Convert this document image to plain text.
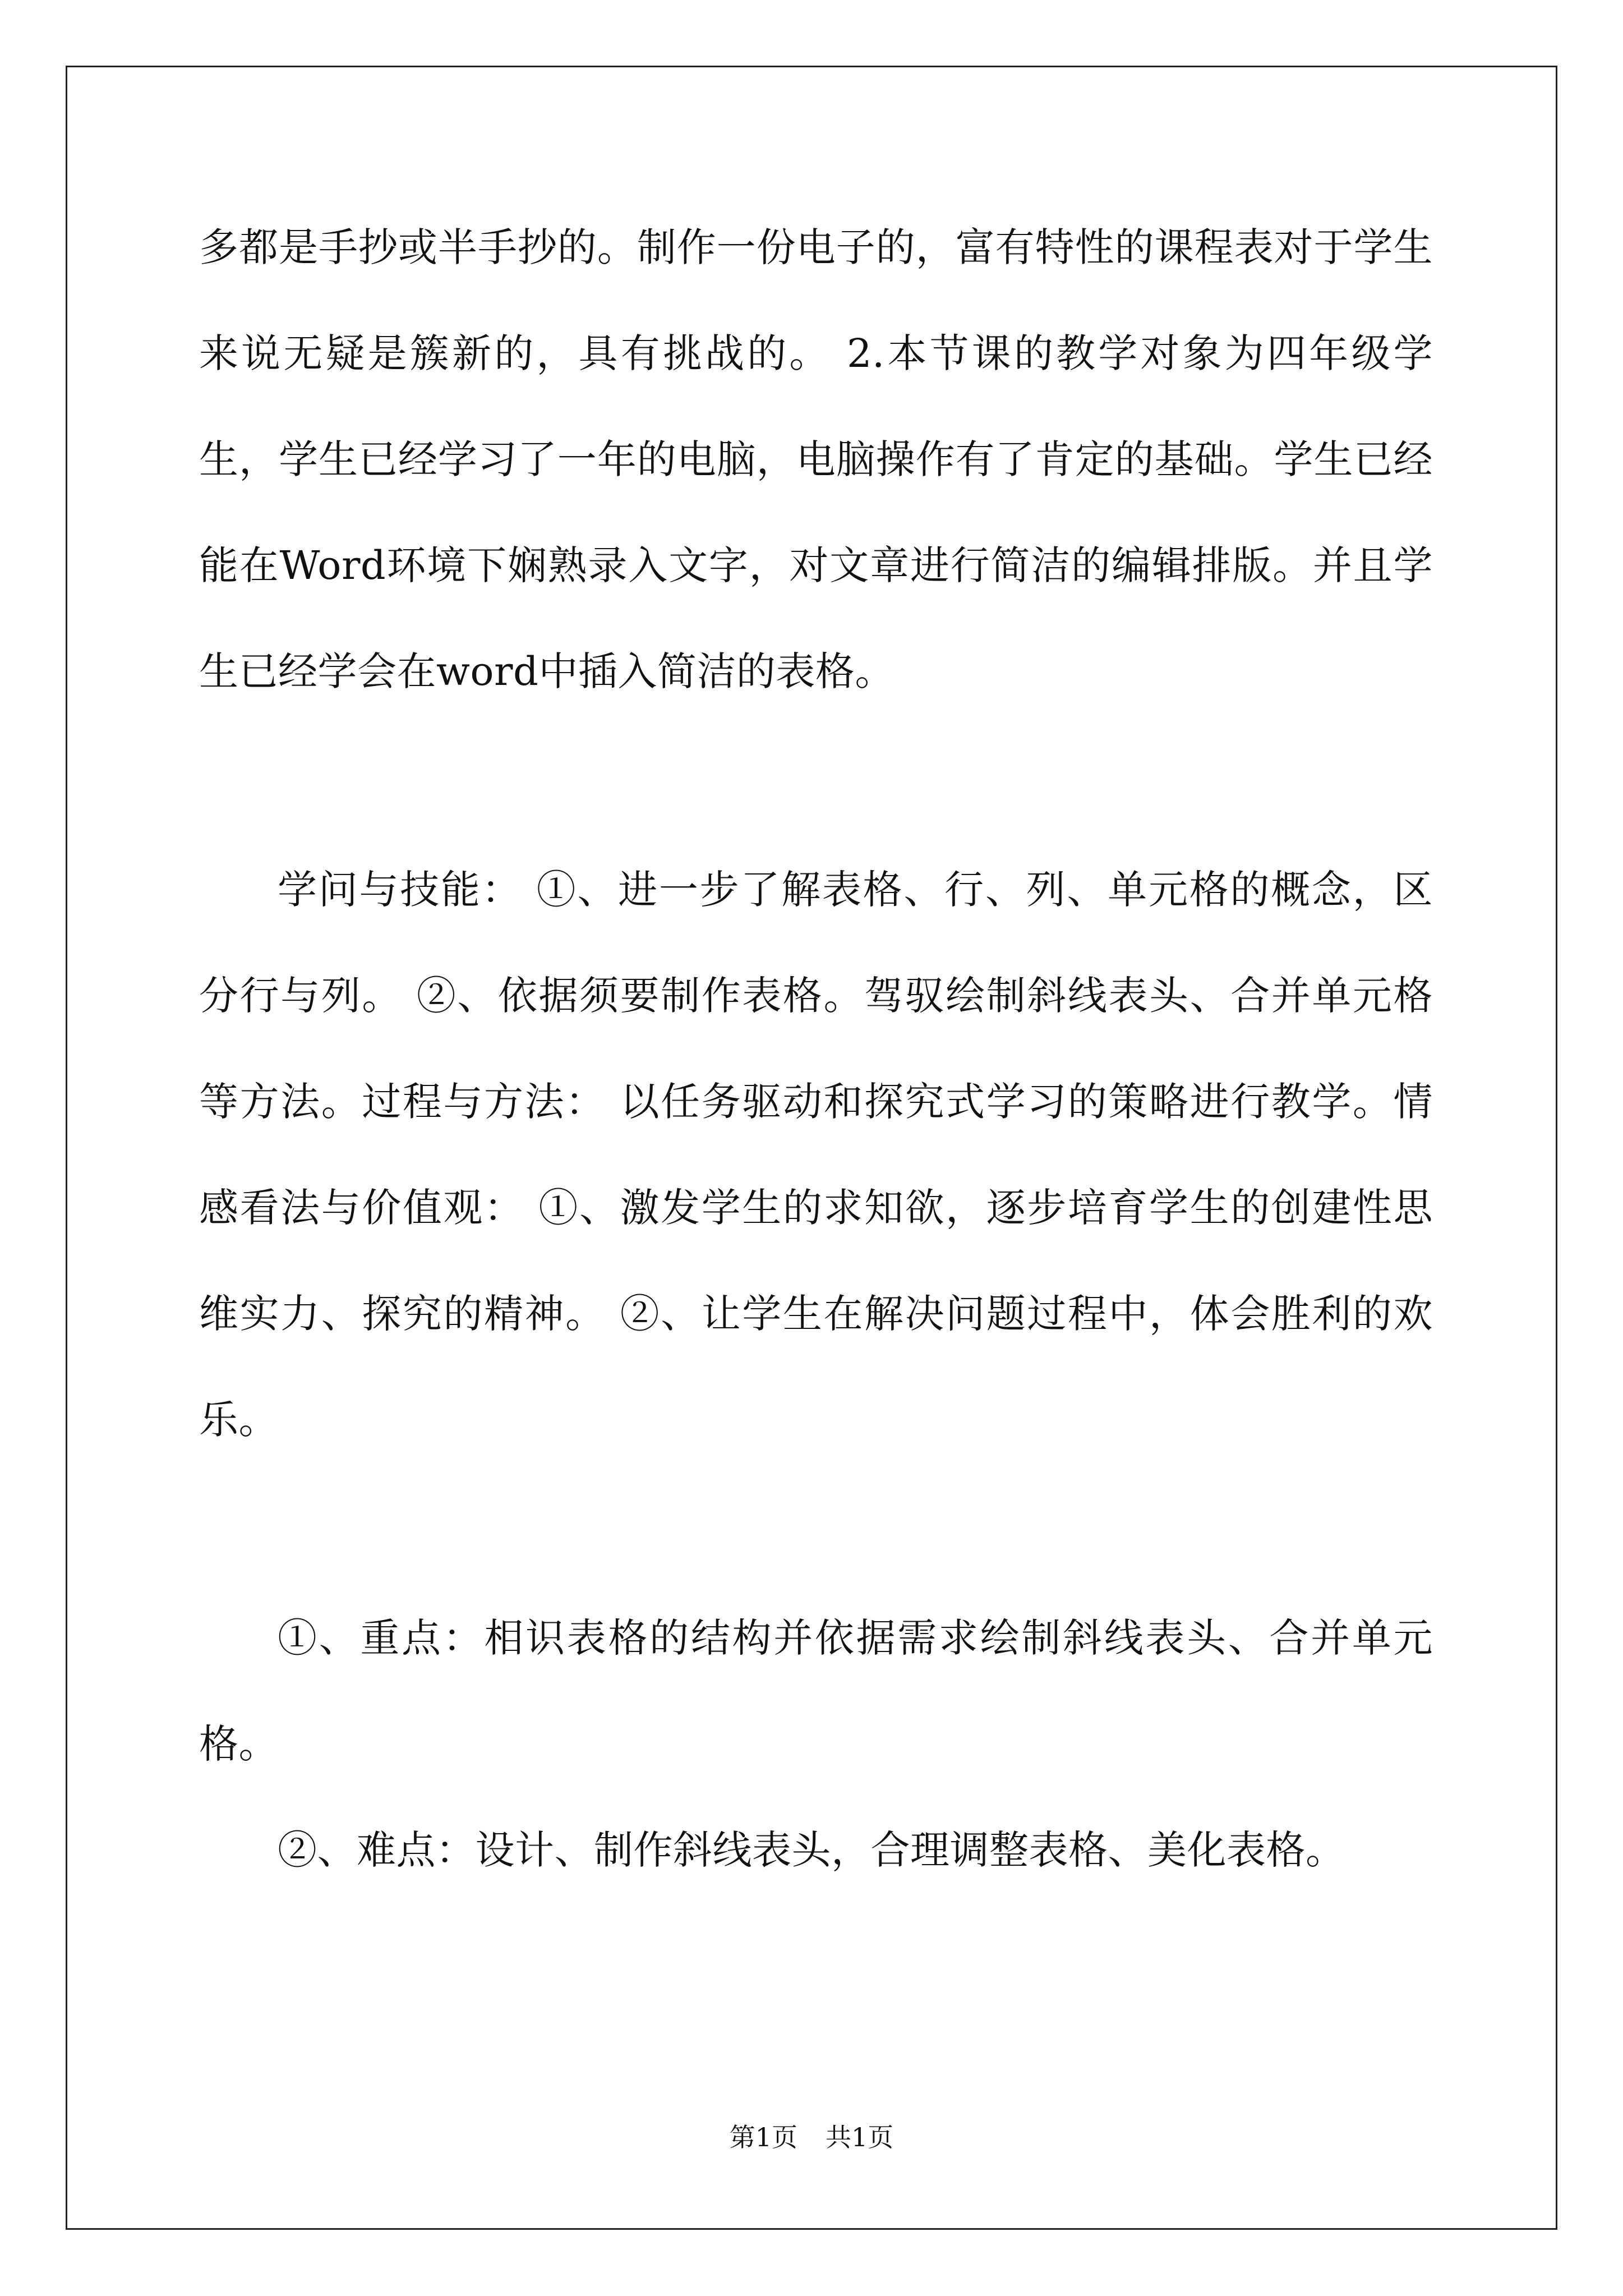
多都是手抄或半手抄的。制作一份电子的，富有特性的课程表对于学生来说无疑是簇新的，具有挑战的。 2.本节课的教学对象为四年级学生，学生已经学习了一年的电脑，电脑操作有了肯定的基础。学生已经能在Word环境下娴熟录入文字，对文章进行简洁的编辑排版。并且学生已经学会在word中插入简洁的表格。

学问与技能： ①、进一步了解表格、行、列、单元格的概念，区分行与列。 ②、依据须要制作表格。驾驭绘制斜线表头、合并单元格等方法。过程与方法： 以任务驱动和探究式学习的策略进行教学。情感看法与价值观： ①、激发学生的求知欲，逐步培育学生的创建性思维实力、探究的精神。 ②、让学生在解决问题过程中，体会胜利的欢乐。

①、重点：相识表格的结构并依据需求绘制斜线表头、合并单元格。

②、难点：设计、制作斜线表头，合理调整表格、美化表格。

第1页 共1页
